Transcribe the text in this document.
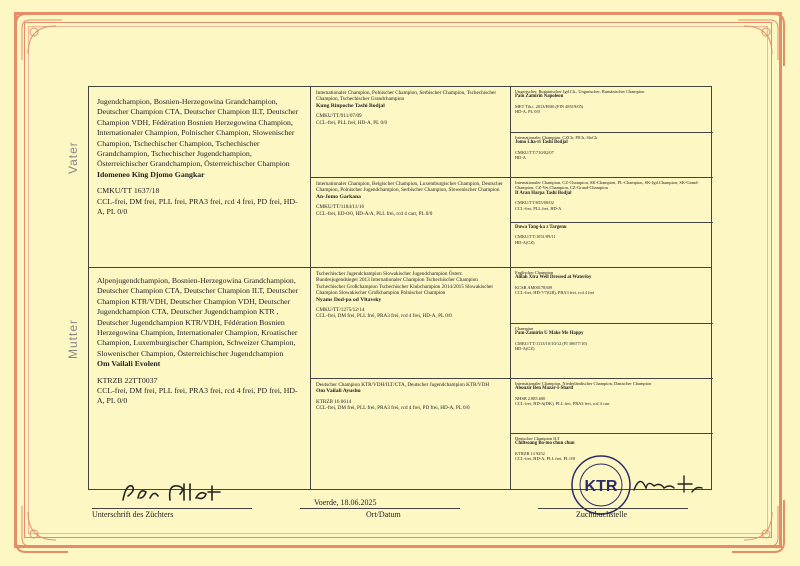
Vater
Mutter
Jugendchampion, Bosnien-Herzegowina Grandchampion, Deutscher Champion CTA, Deutscher Champion ILT, Deutscher Champion VDH, Fédération Bosnien Herzegowina Champion, Internationaler Champion, Polnischer Champion, Slowenischer Champion, Tschechischer Champion, Tschechischer Grandchampion, Tschechischer Jugendchampion, Österreichischer Grandchampion, Österreichischer Champion
Idomeneo King Djomo Gangkar
CMKU/TT 1637/18
CCL-frei, DM frei, PLL frei, PRA3 frei, rcd 4 frei, PD frei, HD-A, PL 0/0
Internationaler Champion, Polnischer Champion, Serbischer Champion, Tschechischer Champion, Tschechischer Grandchampion
Kung Rinpoche Tashi Bodjal
CMKU/TT/911/07/09
CCL-frei, PLL frei, HD-A, PL 0/0
Internationaler Champion, Belgischer Champion, Luxemburgischer Champion, Deutscher Champion, Polnischer Jugendchampion, Serbischer Champion, Slowenischer Champion
An-Jomo Garkana
CMKU/TT/1184/11/16
CCL-frei, ED-0/0, HD-A/A, PLL frei, rcd 4 carr, PL 0/0
Ungarischer, Rumänischer Jgd.Ch., Ungarischer, Rumänischer Champion
Pam Zamirin Napoleon
MET Tib.t. 2013/H/06 (FIN 48519/05)
HD-A, PL 0/0
Internationaler Champion, CZCh, PlCh, SloCh
Jomo Lha-ri Tashi Bodjal
CMKU/TT/710/02/07
HD-A
Internationaler Champion, CZ-Champion, SK-Champion, PL-Champion, SK-Jgd.Champion, SK-Grand-Champion, CZ-Vet.Champion, CZ-Grand-Champion
If Aran Harpa Tashi Bodjal
CMKU/TT/655/00/02
CCL-frei, PLL frei, HD-A
Duwa Tang-ka z Targenu
CMKU/TT/1051/09/11
HD-A(CZ)
Alpenjugendchampion, Bosnien-Herzegowina Grandchampion, Deutscher Champion CTA, Deutscher Champion ILT, Deutscher Champion KTR/VDH, Deutscher Champion VDH, Deutscher Jugendchampion CTA, Deutscher Jugendchampion KTR , Deutscher Jugendchampion KTR/VDH, Fédération Bosnien Herzegowina Champion, Internationaler Champion, Kroatischer Champion, Luxemburgischer Champion, Schweizer Champion, Slowenischer Champion, Österreichischer Jugendchampion
Om Vailali Evolent
KTRZB 22TT0037
CCL-frei, DM frei, PLL frei, PRA3 frei, rcd 4 frei, PD frei, HD-A, PL 0/0
Tschechischer Jugendchampion Slowakischer Jugendchampion Österr. Bundesjugendsieger 2013 Internationaler Champion Tschechischer Champion Tschechischer Großchampion Tschechischer Klubchampion 2014/2015 Slowakischer Champion Slowakischer Großchampion Polnischer Champion
Nyams Dod-pa od Vltavsky
CMKU/TT/1275/12/14
CCL-frei, DM frei, PLL frei, PRA3 frei, rcd 4 frei, HD-A, PL 0/0
Deutscher Champion KTR/VDH/ILT/CTA, Deutscher Jugendchampion KTR/VDH
Om Vailali Ayushu
KTRZB 16 0614
CCL-frei, DM frei, PLL frei, PRA3 frei, rcd 4 frei, PD frei, HD-A, PL 0/0
Englischer Champion
Alilah Xtra Well Dressed at Waterloy
KCSB AM00178309
CCL-frei, HD-7/7(GB), PRA3 frei, rcd 4 frei
Champion
Pam-Zamirin U Make Me Happy
CMKU/TT/1113/10/10/12 (FI 30677/10)
HD-A(CZ)
Internationaler Champion, Niederländischer Champion, Dänischer Champion
Abouzir Ben Mazar-I-Sharif
NHSB 2.885.600
CCL-frei, HD-A(DK), PLL frei, PRA3 frei, rcd 4 carr
Deutscher Champion ILT
Chiltsoang Bo-mo chun chun
KTRZB 13 9252
CCL-frei, HD-A, PLL frei, PL 0/0
Unterschrift des Züchters
Voerde, 18.06.2025
Ort/Datum
KTR
Zuchtbuchstelle
